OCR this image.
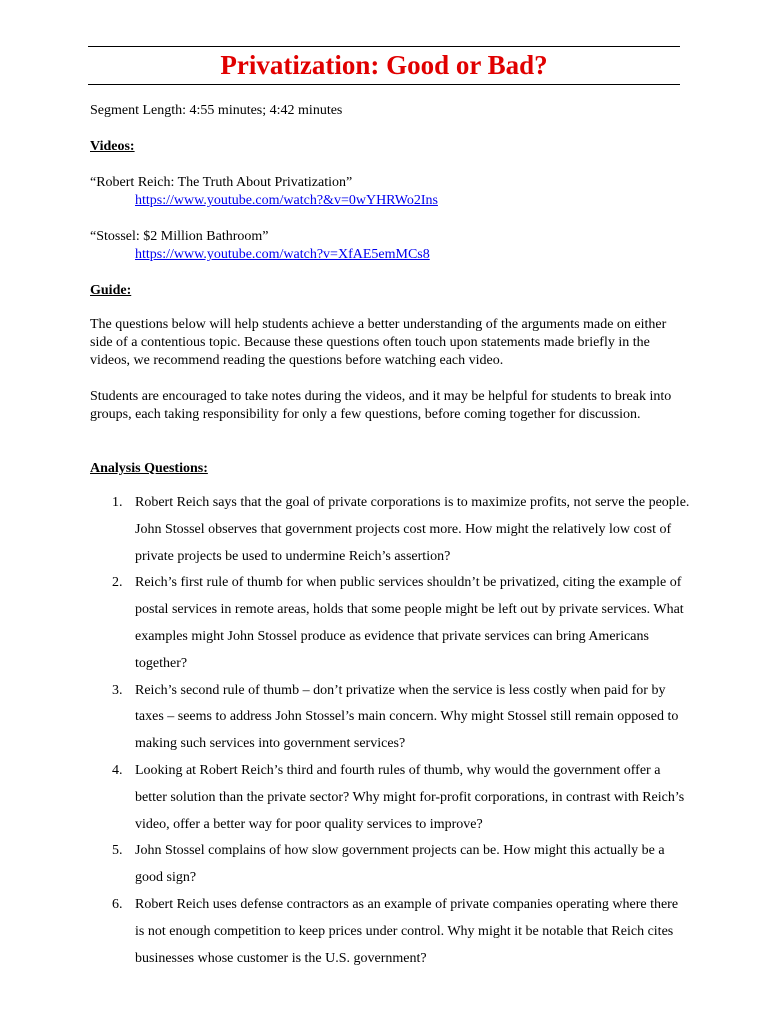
Privatization: Good or Bad?
Segment Length: 4:55 minutes; 4:42 minutes
Videos:
“Robert Reich: The Truth About Privatization”
https://www.youtube.com/watch?&v=0wYHRWo2Ins
“Stossel: $2 Million Bathroom”
https://www.youtube.com/watch?v=XfAE5emMCs8
Guide:
The questions below will help students achieve a better understanding of the arguments made on either side of a contentious topic. Because these questions often touch upon statements made briefly in the videos, we recommend reading the questions before watching each video.
Students are encouraged to take notes during the videos, and it may be helpful for students to break into groups, each taking responsibility for only a few questions, before coming together for discussion.
Analysis Questions:
1. Robert Reich says that the goal of private corporations is to maximize profits, not serve the people. John Stossel observes that government projects cost more. How might the relatively low cost of private projects be used to undermine Reich’s assertion?
2. Reich’s first rule of thumb for when public services shouldn’t be privatized, citing the example of postal services in remote areas, holds that some people might be left out by private services. What examples might John Stossel produce as evidence that private services can bring Americans together?
3. Reich’s second rule of thumb – don’t privatize when the service is less costly when paid for by taxes – seems to address John Stossel’s main concern. Why might Stossel still remain opposed to making such services into government services?
4. Looking at Robert Reich’s third and fourth rules of thumb, why would the government offer a better solution than the private sector? Why might for-profit corporations, in contrast with Reich’s video, offer a better way for poor quality services to improve?
5. John Stossel complains of how slow government projects can be. How might this actually be a good sign?
6. Robert Reich uses defense contractors as an example of private companies operating where there is not enough competition to keep prices under control. Why might it be notable that Reich cites businesses whose customer is the U.S. government?
